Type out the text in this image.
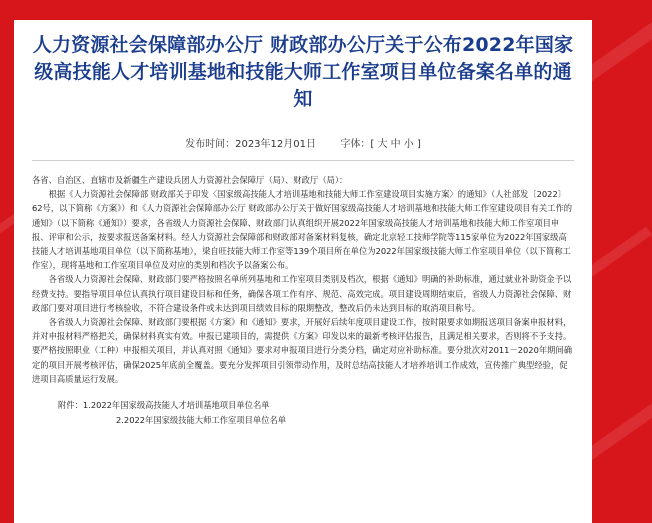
人力资源社会保障部办公厅 财政部办公厅关于公布2022年国家级高技能人才培训基地和技能大师工作室项目单位备案名单的通知
发布时间：2023年12月01日 字体：[ 大 中 小 ]

各省、自治区、直辖市及新疆生产建设兵团人力资源社会保障厅（局）、财政厅（局）：

根据《人力资源社会保障部 财政部关于印发〈国家级高技能人才培训基地和技能大师工作室建设项目实施方案〉的通知》（人社部发〔2022〕62号，以下简称《方案》）和《人力资源社会保障部办公厅 财政部办公厅关于做好国家级高技能人才培训基地和技能大师工作室建设项目有关工作的通知》（以下简称《通知》）要求，各省级人力资源社会保障、财政部门认真组织开展2022年国家级高技能人才培训基地和技能大师工作室项目申报、评审和公示，按要求报送备案材料。经人力资源社会保障部和财政部对备案材料复核，确定北京轻工技师学院等115家单位为2022年国家级高技能人才培训基地项目单位（以下简称基地），梁自旺技能大师工作室等139个项目所在单位为2022年国家级技能大师工作室项目单位（以下简称工作室），现将基地和工作室项目单位及对应的类别和档次予以备案公布。

各省级人力资源社会保障、财政部门要严格按照名单所列基地和工作室项目类别及档次，根据《通知》明确的补助标准，通过就业补助资金予以经费支持。要指导项目单位认真执行项目建设目标和任务，确保各项工作有序、规范、高效完成。项目建设周期结束后，省级人力资源社会保障、财政部门要对项目进行考核验收，不符合建设条件或未达到项目绩效目标的限期整改，整改后仍未达到目标的取消项目称号。

各省级人力资源社会保障、财政部门要根据《方案》和《通知》要求，开展好后续年度项目建设工作，按时限要求如期报送项目备案申报材料，并对申报材料严格把关，确保材料真实有效。申报已建项目的，需提供《方案》印发以来的最新考核评估报告，且满足相关要求，否则将不予支持。要严格按照职业（工种）申报相关项目，并认真对照《通知》要求对申报项目进行分类分档，确定对应补助标准。要分批次对2011－2020年期间确定的项目开展考核评估，确保2025年底前全覆盖。要充分发挥项目引领带动作用，及时总结高技能人才培养培训工作成效，宣传推广典型经验，促进项目高质量运行发展。

附件：1.2022年国家级高技能人才培训基地项目单位名单
2.2022年国家级技能大师工作室项目单位名单
